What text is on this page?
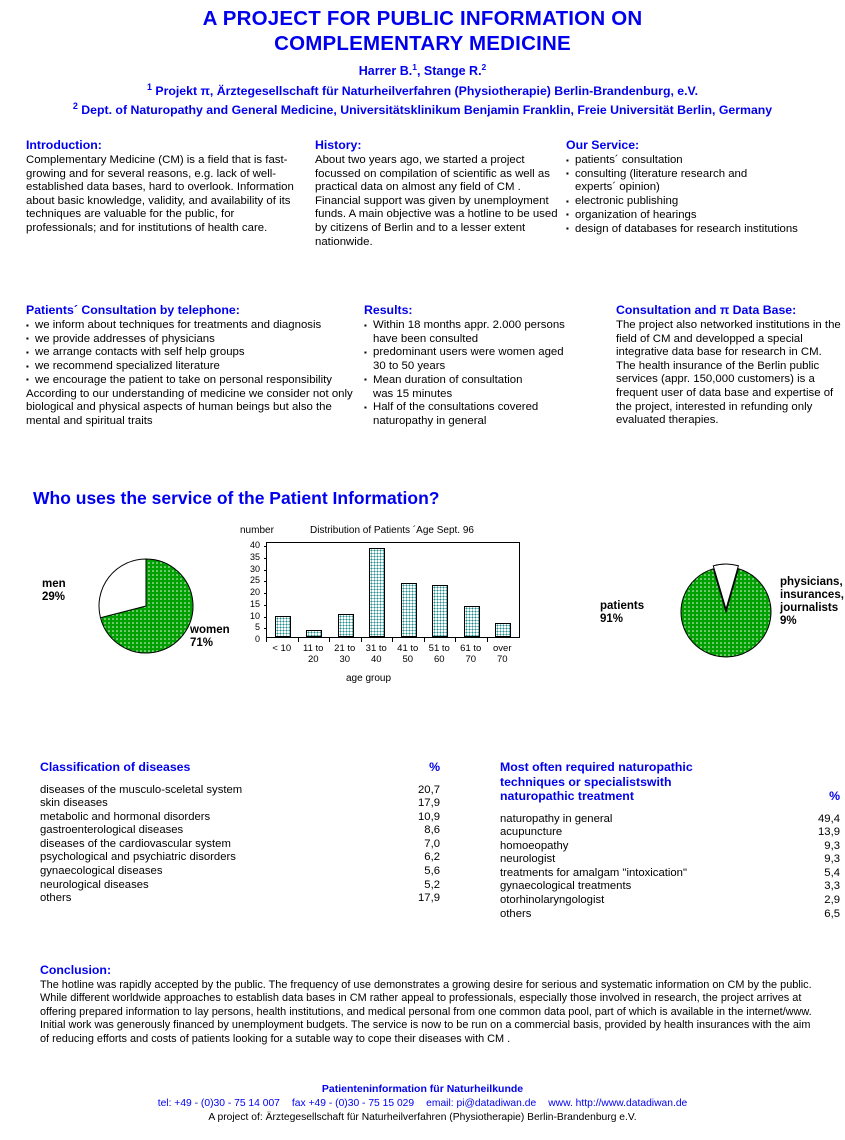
A PROJECT FOR PUBLIC INFORMATION ON
COMPLEMENTARY MEDICINE
Harrer B.$^1$, Stange R.$^2$
$^1$ Projekt π, Ärztegesellschaft für Naturheilverfahren (Physiotherapie) Berlin-Brandenburg, e.V.
$^2$ Dept. of Naturopathy and General Medicine, Universitätsklinikum Benjamin Franklin, Freie Universität Berlin, Germany
Introduction:
Complementary Medicine (CM) is a field that is fast-growing and for several reasons, e.g. lack of well-established data bases, hard to overlook. Information about basic knowledge, validity, and availability of its techniques are valuable for the public, for professionals; and for institutions of health care.
History:
About two years ago, we started a project focussed on compilation of scientific as well as practical data on almost any field of CM . Financial support was given by unemployment funds. A main objective was a hotline to be used by citizens of Berlin and to a lesser extent nationwide.
Our Service:
▪ patients´ consultation
▪ consulting (literature research and
experts´ opinion)
▪ electronic publishing
▪ organization of hearings
▪ design of databases for research institutions
Patients´ Consultation by telephone:
▪ we inform about techniques for treatments and diagnosis
▪ we provide addresses of physicians
▪ we arrange contacts with self help groups
▪ we recommend specialized literature
▪ we encourage the patient to take on personal responsibility
According to our understanding of medicine we consider not only biological and physical aspects of human beings but also the mental and spiritual traits
Results:
▪ Within 18 months appr. 2.000 persons
have been consulted
▪ predominant users were women aged
30 to 50 years
▪ Mean duration of consultation
was 15 minutes
▪ Half of the consultations covered
naturopathy in general
Consultation and π Data Base:
The project also networked institutions in the field of CM and developped a special integrative data base for research in CM. The health insurance of the Berlin public services (appr. 150,000 customers) is a frequent user of data base and expertise of the project, interested in refunding only evaluated therapies.
Who uses the service of the Patient Information?
men
29%
women
71%
number	Distribution of Patients ´Age Sept. 96
0
5
10
15
20
25
30
35
40
< 10	11 to
20
21 to
30
31 to
40
41 to
50
51 to
60
61 to
70
over
70
age group
patients
91%
physicians,
insurances,
journalists
9%
Classification of diseases	%
diseases of the musculo-sceletal system	20,7
skin diseases	17,9
metabolic and hormonal disorders	10,9
gastroenterological diseases	8,6
diseases of the cardiovascular system	7,0
psychological and psychiatric disorders	6,2
gynaecological diseases	5,6
neurological diseases	5,2
others	17,9
Most often required naturopathic
techniques or specialistswith
naturopathic treatment	%
naturopathy in general	49,4
acupuncture	13,9
homoeopathy	9,3
neurologist	9,3
treatments for amalgam "intoxication"	5,4
gynaecological treatments	3,3
otorhinolaryngologist	2,9
others	6,5
Conclusion:

The hotline was rapidly accepted by the public. The frequency of use demonstrates a growing desire for serious and systematic information on CM by the public. While different worldwide approaches to establish data bases in CM rather appeal to professionals, especially those involved in research, the project arrives at offering prepared information to lay persons, health institutions, and medical personal from one common data pool, part of which is available in the internet/www. Initial work was generously financed by unemployment budgets. The service is now to be run on a commercial basis, provided by health insurances with the aim of reducing efforts and costs of patients looking for a sutable way to cope their diseases with CM .

Patienteninformation für Naturheilkunde
tel: +49 - (0)30 - 75 14 007 fax +49 - (0)30 - 75 15 029 email: pi@datadiwan.de www. http://www.datadiwan.de
A project of: Ärztegesellschaft für Naturheilverfahren (Physiotherapie) Berlin-Brandenburg e.V.
